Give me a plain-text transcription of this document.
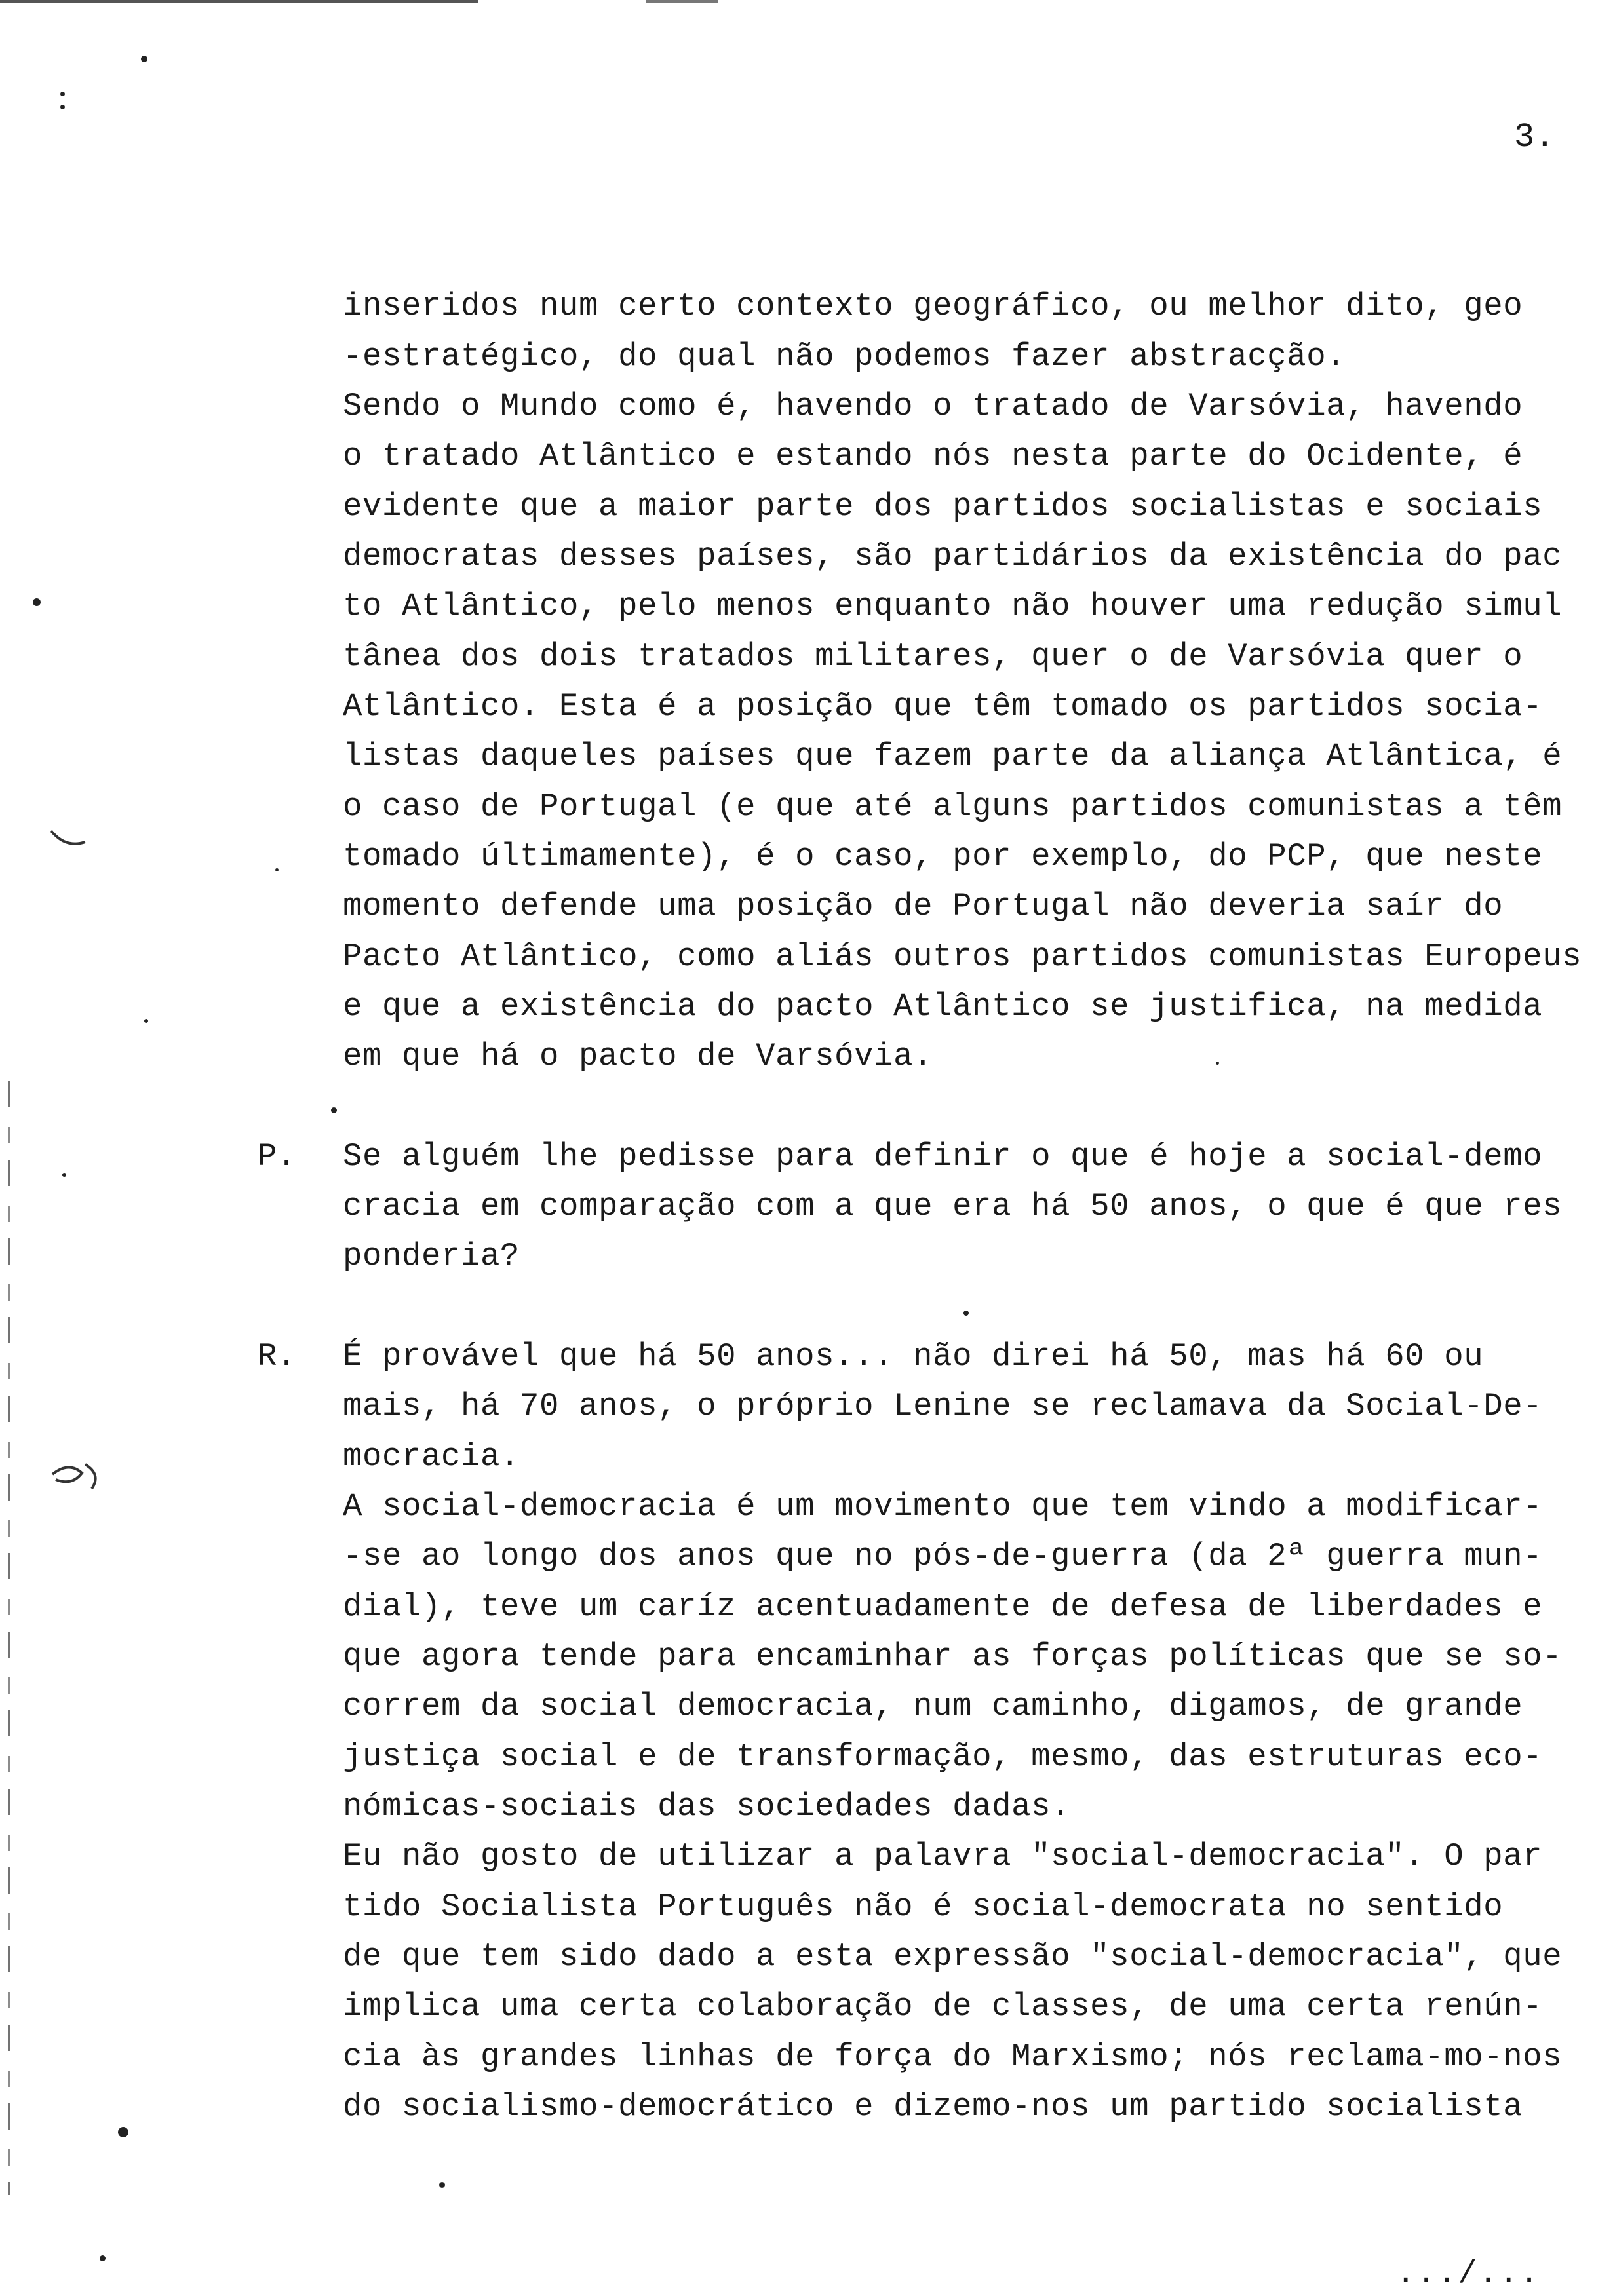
3.
inseridos num certo contexto geográfico, ou melhor dito, geo
-estratégico, do qual não podemos fazer abstracção.
Sendo o Mundo como é, havendo o tratado de Varsóvia, havendo
o tratado Atlântico e estando nós nesta parte do Ocidente, é
evidente que a maior parte dos partidos socialistas e sociais
democratas desses países, são partidários da existência do pac
to Atlântico, pelo menos enquanto não houver uma redução simul
tânea dos dois tratados militares, quer o de Varsóvia quer o
Atlântico. Esta é a posição que têm tomado os partidos socia-
listas daqueles países que fazem parte da aliança Atlântica, é
o caso de Portugal (e que até alguns partidos comunistas a têm
tomado últimamente), é o caso, por exemplo, do PCP, que neste
momento defende uma posição de Portugal não deveria saír do
Pacto Atlântico, como aliás outros partidos comunistas Europeus
e que a existência do pacto Atlântico se justifica, na medida
em que há o pacto de Varsóvia.
P. Se alguém lhe pedisse para definir o que é hoje a social-demo
cracia em comparação com a que era há 50 anos, o que é que res
ponderia?
R. É provável que há 50 anos... não direi há 50, mas há 60 ou
mais, há 70 anos, o próprio Lenine se reclamava da Social-De-
mocracia.
A social-democracia é um movimento que tem vindo a modificar-
-se ao longo dos anos que no pós-de-guerra (da 2ª guerra mun-
dial), teve um caríz acentuadamente de defesa de liberdades e
que agora tende para encaminhar as forças políticas que se so-
correm da social democracia, num caminho, digamos, de grande
justiça social e de transformação, mesmo, das estruturas eco-
nómicas-sociais das sociedades dadas.
Eu não gosto de utilizar a palavra "social-democracia". O par
tido Socialista Português não é social-democrata no sentido
de que tem sido dado a esta expressão "social-democracia", que
implica uma certa colaboração de classes, de uma certa renún-
cia às grandes linhas de força do Marxismo; nós reclama-mo-nos
do socialismo-democrático e dizemo-nos um partido socialista
.../...
